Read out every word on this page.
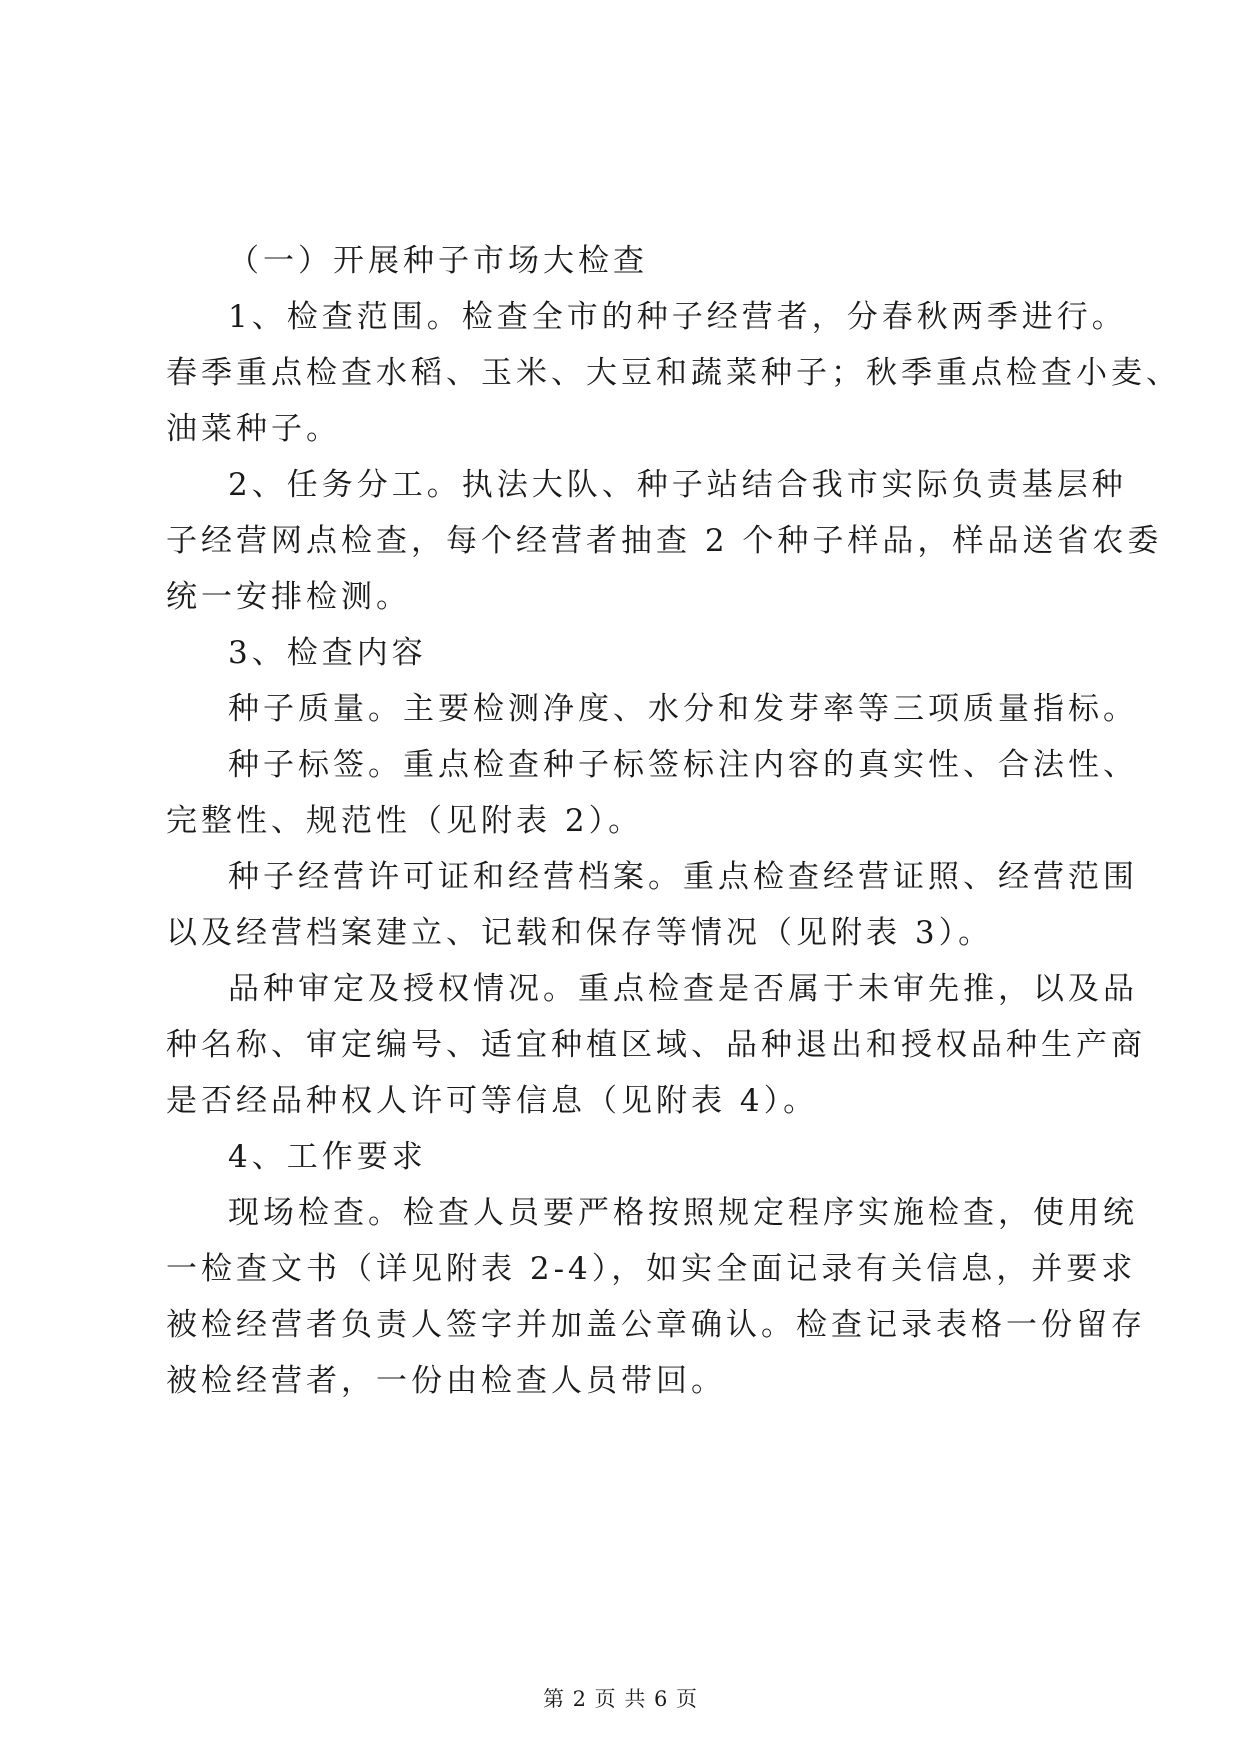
（一）开展种子市场大检查
1、检查范围。检查全市的种子经营者，分春秋两季进行。
春季重点检查水稻、玉米、大豆和蔬菜种子；秋季重点检查小麦、
油菜种子。
2、任务分工。执法大队、种子站结合我市实际负责基层种
子经营网点检查，每个经营者抽查 2 个种子样品，样品送省农委
统一安排检测。
3、检查内容
种子质量。主要检测净度、水分和发芽率等三项质量指标。
种子标签。重点检查种子标签标注内容的真实性、合法性、
完整性、规范性（见附表 2）。
种子经营许可证和经营档案。重点检查经营证照、经营范围
以及经营档案建立、记载和保存等情况（见附表 3）。
品种审定及授权情况。重点检查是否属于未审先推，以及品
种名称、审定编号、适宜种植区域、品种退出和授权品种生产商
是否经品种权人许可等信息（见附表 4）。
4、工作要求
现场检查。检查人员要严格按照规定程序实施检查，使用统
一检查文书（详见附表 2-4），如实全面记录有关信息，并要求
被检经营者负责人签字并加盖公章确认。检查记录表格一份留存
被检经营者，一份由检查人员带回。
第 2 页 共 6 页
